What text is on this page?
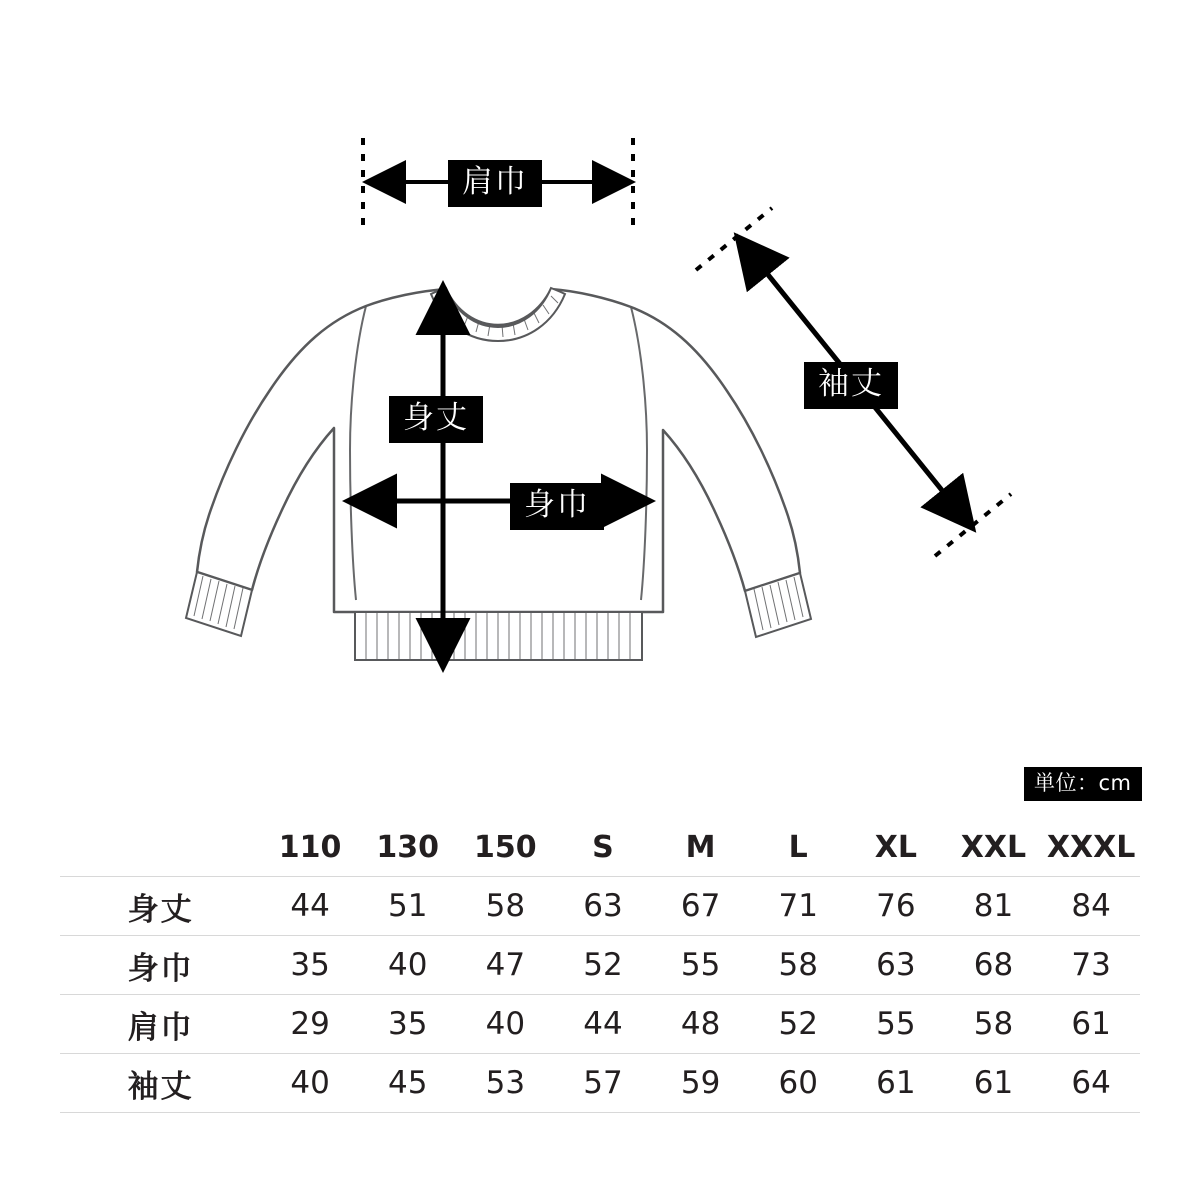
肩巾
袖丈
身丈
身巾
単位：cm
	110	130	150	S	M	L	XL	XXL	XXXL
身丈	44	51	58	63	67	71	76	81	84
身巾	35	40	47	52	55	58	63	68	73
肩巾	29	35	40	44	48	52	55	58	61
袖丈	40	45	53	57	59	60	61	61	64
